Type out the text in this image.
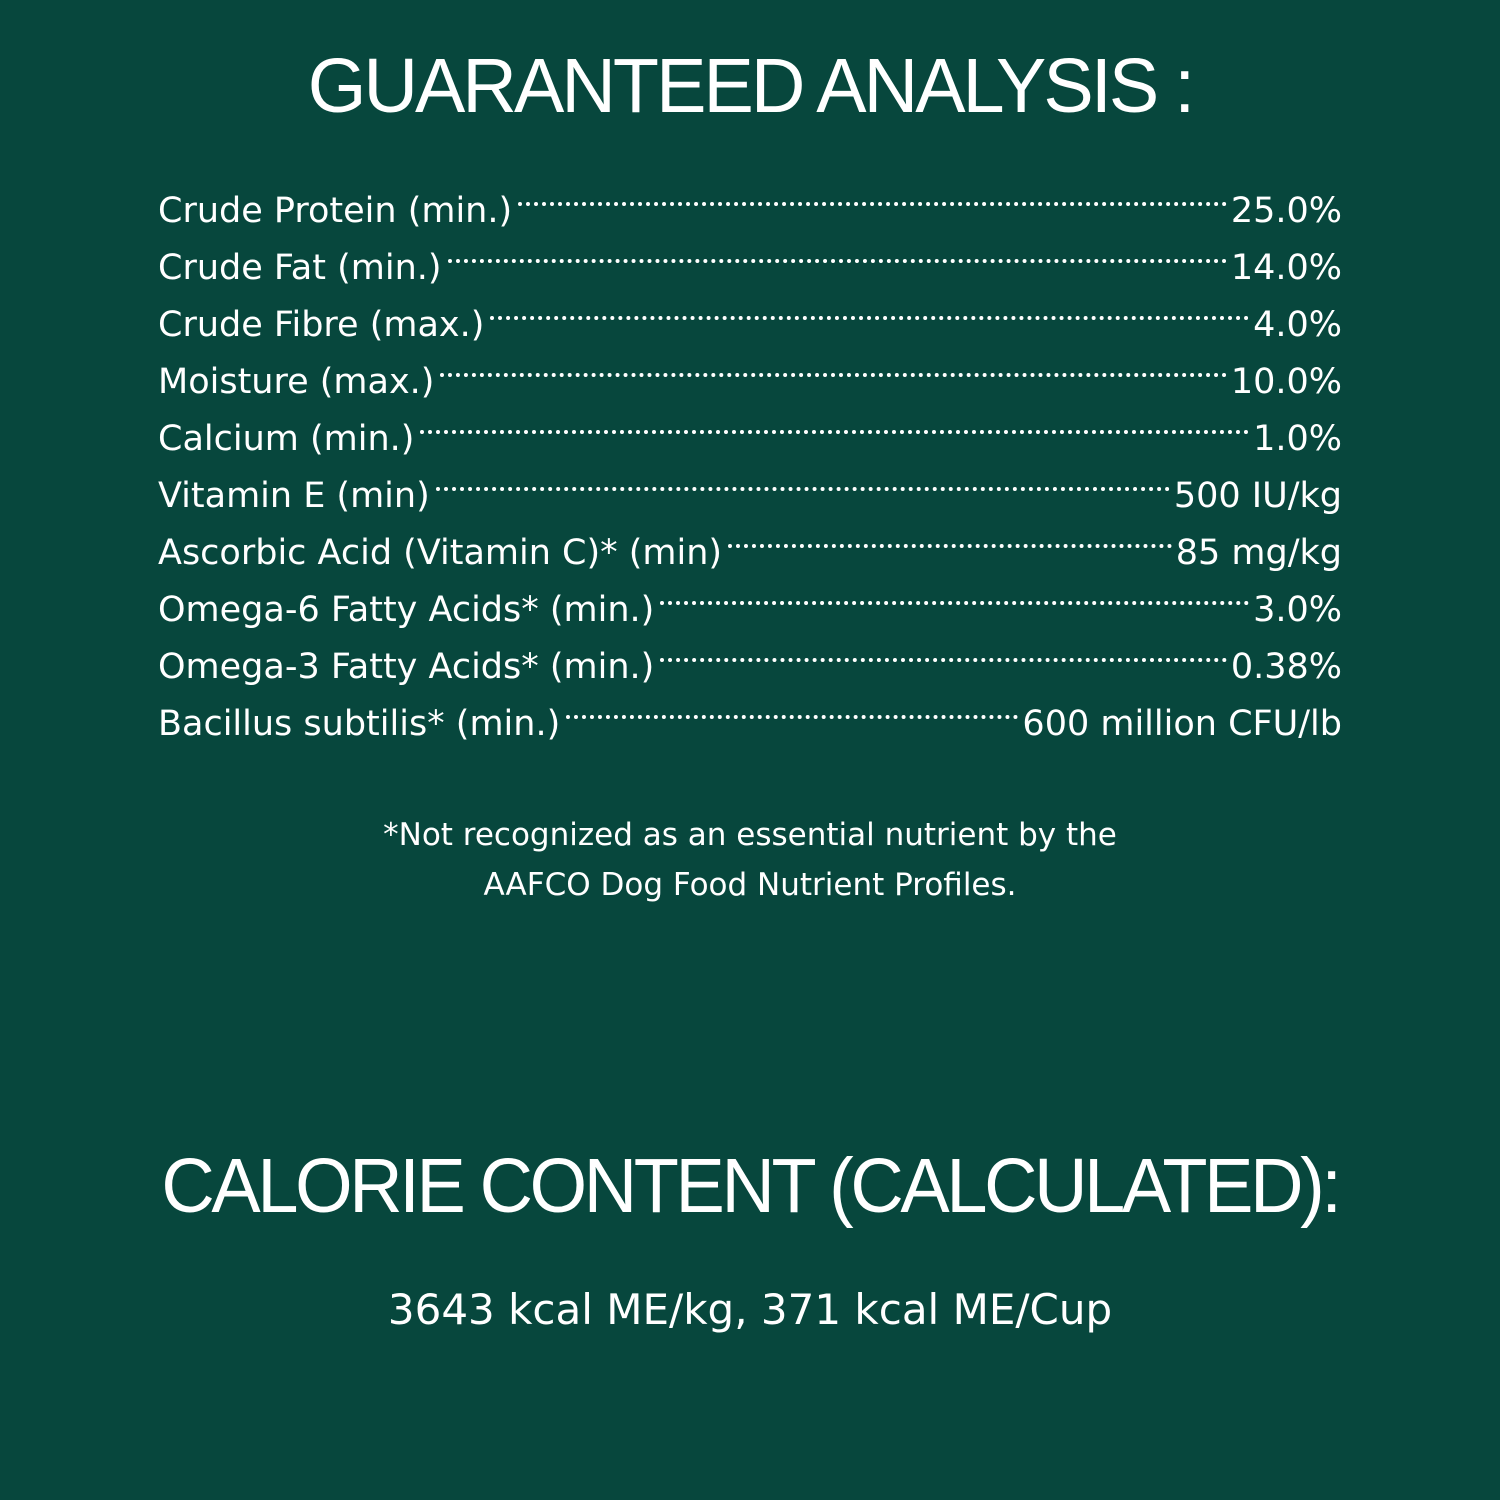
GUARANTEED ANALYSIS :
Crude Protein (min.)	25.0%
Crude Fat (min.)	14.0%
Crude Fibre (max.)	4.0%
Moisture (max.)	10.0%
Calcium (min.)	1.0%
Vitamin E (min)	500 IU/kg
Ascorbic Acid (Vitamin C)* (min)	85 mg/kg
Omega-6 Fatty Acids* (min.)	3.0%
Omega-3 Fatty Acids* (min.)	0.38%
Bacillus subtilis* (min.)	600 million CFU/lb
*Not recognized as an essential nutrient by the
AAFCO Dog Food Nutrient Profiles.
CALORIE CONTENT (CALCULATED):
3643 kcal ME/kg, 371 kcal ME/Cup
